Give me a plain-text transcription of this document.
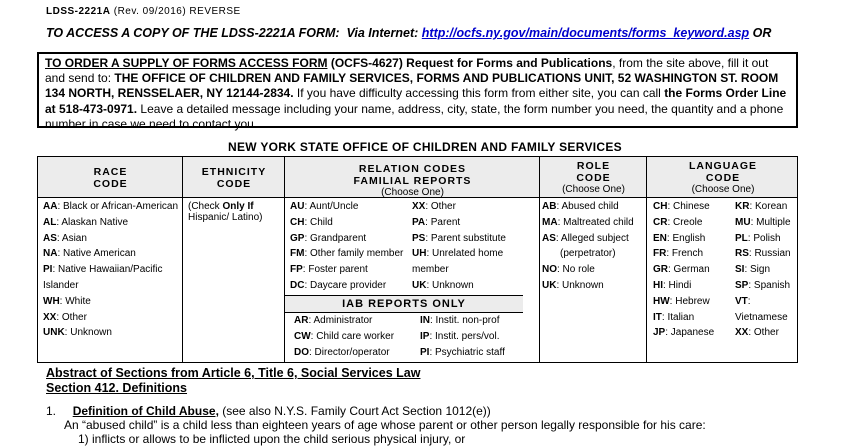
LDSS-2221A (Rev. 09/2016) REVERSE
TO ACCESS A COPY OF THE LDSS-2221A FORM: Via Internet: http://ocfs.ny.gov/main/documents/forms_keyword.asp OR
TO ORDER A SUPPLY OF FORMS ACCESS FORM (OCFS-4627) Request for Forms and Publications, from the site above, fill it out and send to: THE OFFICE OF CHILDREN AND FAMILY SERVICES, FORMS AND PUBLICATIONS UNIT, 52 WASHINGTON ST. ROOM 134 NORTH, RENSSELAER, NY 12144-2834. If you have difficulty accessing this form from either site, you can call the Forms Order Line at 518-473-0971. Leave a detailed message including your name, address, city, state, the form number you need, the quantity and a phone number in case we need to contact you.
NEW YORK STATE OFFICE OF CHILDREN AND FAMILY SERVICES
RACE
CODE
ETHNICITY
CODE
RELATION CODES
FAMILIAL REPORTS
(Choose One)
ROLE
CODE
(Choose One)
LANGUAGE
CODE
(Choose One)
AA: Black or African-American
AL: Alaskan Native
AS: Asian
NA: Native American
PI: Native Hawaiian/Pacific Islander
WH: White
XX: Other
UNK: Unknown
(Check Only If
Hispanic/ Latino)
AU: Aunt/Uncle
CH: Child
GP: Grandparent
FM: Other family member
FP: Foster parent
DC: Daycare provider
XX: Other
PA: Parent
PS: Parent substitute
UH: Unrelated home member
UK: Unknown
IAB REPORTS ONLY
AR: Administrator
CW: Child care worker
DO: Director/operator
IN: Instit. non-prof
IP: Instit. pers/vol.
PI: Psychiatric staff
AB: Abused child
MA: Maltreated child
AS: Alleged subject
(perpetrator)
NO: No role
UK: Unknown
CH: Chinese
CR: Creole
EN: English
FR: French
GR: German
HI: Hindi
HW: Hebrew
IT: Italian
JP: Japanese
KR: Korean
MU: Multiple
PL: Polish
RS: Russian
SI: Sign
SP: Spanish
VT: Vietnamese
XX: Other
Abstract of Sections from Article 6, Title 6, Social Services Law
Section 412. Definitions
1. Definition of Child Abuse, (see also N.Y.S. Family Court Act Section 1012(e))
An “abused child” is a child less than eighteen years of age whose parent or other person legally responsible for his care:
1) inflicts or allows to be inflicted upon the child serious physical injury, or
